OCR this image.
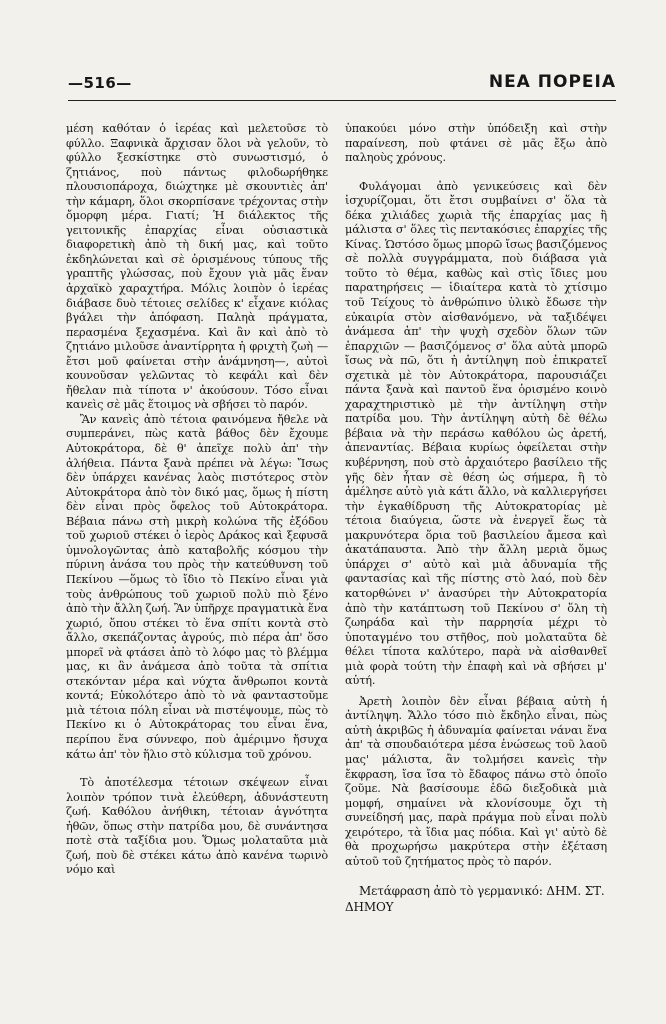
—516—	ΝΕΑ ΠΟΡΕΙΑ

μέση καθόταν ὁ ἱερέας καὶ μελετοῦσε τὸ φύλλο. Ξαφνικὰ ἄρχισαν ὅλοι νὰ γελοῦν, τὸ φύλλο ξεσκίστηκε στὸ συνωστισμό, ὁ ζητιάνος, ποὺ πάντως φιλοδωρήθηκε πλουσιοπάροχα, διώχτηκε μὲ σκουντιὲς ἀπ' τὴν κάμαρη, ὅλοι σκορπίσανε τρέχοντας στὴν ὄμορφη μέρα. Γιατί; Ἡ διάλεκτος τῆς γειτονικῆς ἐπαρχίας εἶναι οὐσιαστικὰ διαφορετικὴ ἀπὸ τὴ δική μας, καὶ τοῦτο ἐκδηλώνεται καὶ σὲ ὁρισμένους τύπους τῆς γραπτῆς γλώσσας, ποὺ ἔχουν γιὰ μᾶς ἕναν ἀρχαϊκὸ χαραχτήρα. Μόλις λοιπὸν ὁ ἱερέας διάβασε δυὸ τέτοιες σελίδες κ' εἶχανε κιόλας βγάλει τὴν ἀπόφαση. Παληὰ πράγματα, περασμένα ξεχασμένα. Καὶ ἂν καὶ ἀπὸ τὸ ζητιάνο μιλοῦσε ἀναντίρρητα ἡ φριχτὴ ζωὴ —ἔτσι μοῦ φαίνεται στὴν ἀνάμνηση—, αὐτοὶ κουνοῦσαν γελῶντας τὸ κεφάλι καὶ δὲν ἤθελαν πιὰ τίποτα ν' ἀκούσουν. Τόσο εἶναι κανεὶς σὲ μᾶς ἕτοιμος νὰ σβήσει τὸ παρόν.

Ἂν κανεὶς ἀπὸ τέτοια φαινόμενα ἤθελε νὰ συμπεράνει, πὼς κατὰ βάθος δὲν ἔχουμε Αὐτοκράτορα, δὲ θ' ἀπεῖχε πολὺ ἀπ' τὴν ἀλήθεια. Πάντα ξανὰ πρέπει νὰ λέγω: Ἴσως δὲν ὑπάρχει κανένας λαὸς πιστότερος στὸν Αὐτοκράτορα ἀπὸ τὸν δικό μας, ὅμως ἡ πίστη δὲν εἶναι πρὸς ὄφελος τοῦ Αὐτοκράτορα. Βέβαια πάνω στὴ μικρὴ κολώνα τῆς ἐξόδου τοῦ χωριοῦ στέκει ὁ ἱερὸς Δράκος καὶ ξεφυσᾶ ὑμνολογῶντας ἀπὸ καταβολῆς κόσμου τὴν πύρινη ἀνάσα του πρὸς τὴν κατεύθυνση τοῦ Πεκίνου —ὅμως τὸ ἴδιο τὸ Πεκίνο εἶναι γιὰ τοὺς ἀνθρώπους τοῦ χωριοῦ πολὺ πιὸ ξένο ἀπὸ τὴν ἄλλη ζωή. Ἂν ὑπῆρχε πραγματικὰ ἕνα χωριό, ὅπου στέκει τὸ ἕνα σπίτι κοντὰ στὸ ἄλλο, σκεπάζοντας ἀγρούς, πιὸ πέρα ἀπ' ὅσο μπορεῖ νὰ φτάσει ἀπὸ τὸ λόφο μας τὸ βλέμμα μας, κι ἂν ἀνάμεσα ἀπὸ τοῦτα τὰ σπίτια στεκόνταν μέρα καὶ νύχτα ἄνθρωποι κοντὰ κοντά; Εὐκολότερο ἀπὸ τὸ νὰ φανταστοῦμε μιὰ τέτοια πόλη εἶναι νὰ πιστέψουμε, πὼς τὸ Πεκίνο κι ὁ Αὐτοκράτορας του εἶναι ἕνα, περίπου ἕνα σύννεφο, ποὺ ἀμέριμνο ἤσυχα κάτω ἀπ' τὸν ἥλιο στὸ κύλισμα τοῦ χρόνου.

Τὸ ἀποτέλεσμα τέτοιων σκέψεων εἶναι λοιπὸν τρόπον τινὰ ἐλεύθερη, ἀδυνάστευτη ζωή. Καθόλου ἀνήθικη, τέτοιαν ἀγνότητα ἠθῶν, ὅπως στὴν πατρίδα μου, δὲ συνάντησα ποτὲ στὰ ταξίδια μου. Ὅμως μολαταῦτα μιὰ ζωή, ποὺ δὲ στέκει κάτω ἀπὸ κανένα τωρινὸ νόμο καὶ

ὑπακούει μόνο στὴν ὑπόδειξη καὶ στὴν παραίνεση, ποὺ φτάνει σὲ μᾶς ἔξω ἀπὸ παληοὺς χρόνους.

Φυλάγομαι ἀπὸ γενικεύσεις καὶ δὲν ἰσχυρίζομαι, ὅτι ἔτσι συμβαίνει σ' ὅλα τὰ δέκα χιλιάδες χωριὰ τῆς ἐπαρχίας μας ἢ μάλιστα σ' ὅλες τὶς πεντακόσιες ἐπαρχίες τῆς Κίνας. Ὡστόσο ὅμως μπορῶ ἴσως βασιζόμενος σὲ πολλὰ συγγράμματα, ποὺ διάβασα γιὰ τοῦτο τὸ θέμα, καθὼς καὶ στὶς ἴδιες μου παρατηρήσεις — ἰδιαίτερα κατὰ τὸ χτίσιμο τοῦ Τείχους τὸ ἀνθρώπινο ὑλικὸ ἔδωσε τὴν εὐκαιρία στὸν αἰσθανόμενο, νὰ ταξιδέψει ἀνάμεσα ἀπ' τὴν ψυχὴ σχεδὸν ὅλων τῶν ἐπαρχιῶν — βασιζόμενος σ' ὅλα αὐτὰ μπορῶ ἴσως νὰ πῶ, ὅτι ἡ ἀντίληψη ποὺ ἐπικρατεῖ σχετικὰ μὲ τὸν Αὐτοκράτορα, παρουσιάζει πάντα ξανὰ καὶ παντοῦ ἕνα ὁρισμένο κοινὸ χαραχτηριστικὸ μὲ τὴν ἀντίληψη στὴν πατρίδα μου. Τὴν ἀντίληψη αὐτὴ δὲ θέλω βέβαια νὰ τὴν περάσω καθόλου ὡς ἀρετή, ἀπεναντίας. Βέβαια κυρίως ὀφείλεται στὴν κυβέρνηση, ποὺ στὸ ἀρχαιότερο βασίλειο τῆς γῆς δὲν ἦταν σὲ θέση ὡς σήμερα, ἢ τὸ ἀμέλησε αὐτὸ γιὰ κάτι ἄλλο, νὰ καλλιεργήσει τὴν ἐγκαθίδρυση τῆς Αὐτοκρατορίας μὲ τέτοια διαύγεια, ὥστε νὰ ἐνεργεῖ ἕως τὰ μακρυνότερα ὅρια τοῦ βασιλείου ἄμεσα καὶ ἀκατάπαυστα. Ἀπὸ τὴν ἄλλη μεριὰ ὅμως ὑπάρχει σ' αὐτὸ καὶ μιὰ ἀδυναμία τῆς φαντασίας καὶ τῆς πίστης στὸ λαό, ποὺ δὲν κατορθώνει ν' ἀνασύρει τὴν Αὐτοκρατορία ἀπὸ τὴν κατάπτωση τοῦ Πεκίνου σ' ὅλη τὴ ζωηράδα καὶ τὴν παρρησία μέχρι τὸ ὑποταγμένο του στῆθος, ποὺ μολαταῦτα δὲ θέλει τίποτα καλύτερο, παρὰ νὰ αἰσθανθεῖ μιὰ φορὰ τούτη τὴν ἐπαφὴ καὶ νὰ σβήσει μ' αὐτή.

Ἀρετὴ λοιπὸν δὲν εἶναι βέβαια αὐτὴ ἡ ἀντίληψη. Ἄλλο τόσο πιὸ ἔκδηλο εἶναι, πὼς αὐτὴ ἀκριβῶς ἡ ἀδυναμία φαίνεται νάναι ἕνα ἀπ' τὰ σπουδαιότερα μέσα ἑνώσεως τοῦ λαοῦ μας' μάλιστα, ἂν τολμήσει κανεὶς τὴν ἔκφραση, ἴσα ἴσα τὸ ἔδαφος πάνω στὸ ὁποῖο ζοῦμε. Νὰ βασίσουμε ἐδῶ διεξοδικὰ μιὰ μομφή, σημαίνει νὰ κλονίσουμε ὄχι τὴ συνείδησή μας, παρὰ πράγμα ποὺ εἶναι πολὺ χειρότερο, τὰ ἴδια μας πόδια. Καὶ γι' αὐτὸ δὲ θὰ προχωρήσω μακρύτερα στὴν ἐξέταση αὐτοῦ τοῦ ζητήματος πρὸς τὸ παρόν.

Μετάφραση ἀπὸ τὸ γερμανικό: ΔΗΜ. ΣΤ. ΔΗΜΟΥ
